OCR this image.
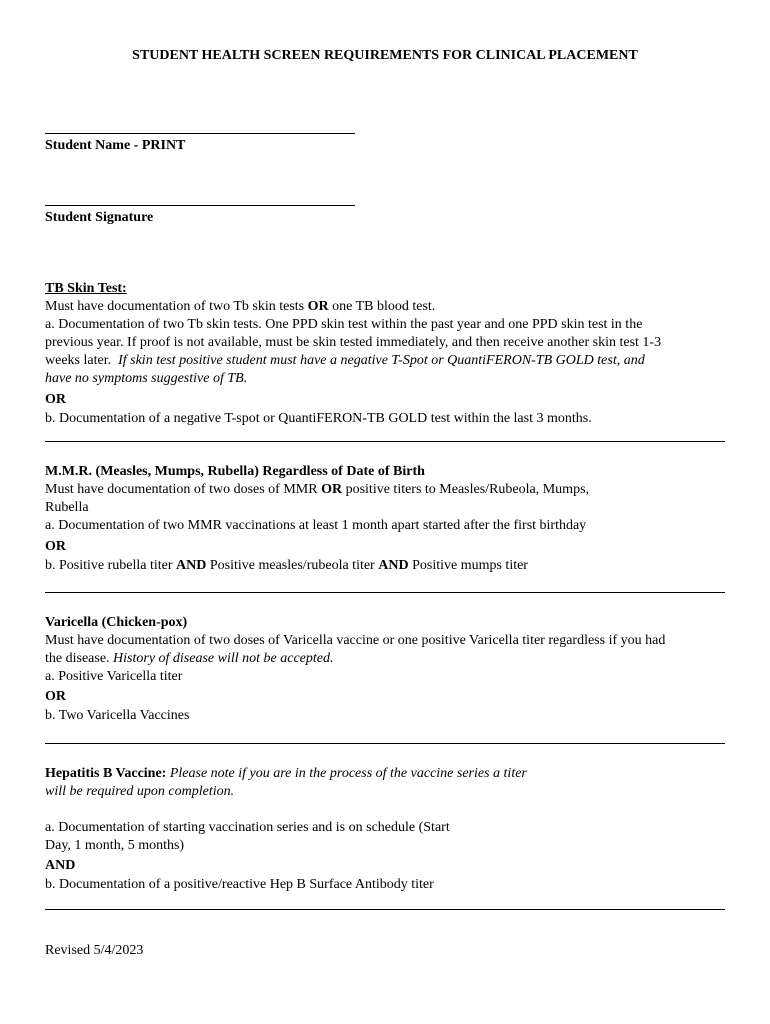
STUDENT HEALTH SCREEN REQUIREMENTS FOR CLINICAL PLACEMENT
Student Name - PRINT
Student Signature
TB Skin Test:
Must have documentation of two Tb skin tests OR one TB blood test.
a. Documentation of two Tb skin tests. One PPD skin test within the past year and one PPD skin test in the
previous year. If proof is not available, must be skin tested immediately, and then receive another skin test 1-3
weeks later.  If skin test positive student must have a negative T-Spot or QuantiFERON-TB GOLD test, and
have no symptoms suggestive of TB.
OR
b. Documentation of a negative T-spot or QuantiFERON-TB GOLD test within the last 3 months.
M.M.R. (Measles, Mumps, Rubella) Regardless of Date of Birth
Must have documentation of two doses of MMR OR positive titers to Measles/Rubeola, Mumps,
Rubella
a. Documentation of two MMR vaccinations at least 1 month apart started after the first birthday
OR
b. Positive rubella titer AND Positive measles/rubeola titer AND Positive mumps titer
Varicella (Chicken-pox)
Must have documentation of two doses of Varicella vaccine or one positive Varicella titer regardless if you had
the disease. History of disease will not be accepted.
a. Positive Varicella titer
OR
b. Two Varicella Vaccines
Hepatitis B Vaccine: Please note if you are in the process of the vaccine series a titer
will be required upon completion.
a. Documentation of starting vaccination series and is on schedule (Start
Day, 1 month, 5 months)
AND
b. Documentation of a positive/reactive Hep B Surface Antibody titer
Revised 5/4/2023
